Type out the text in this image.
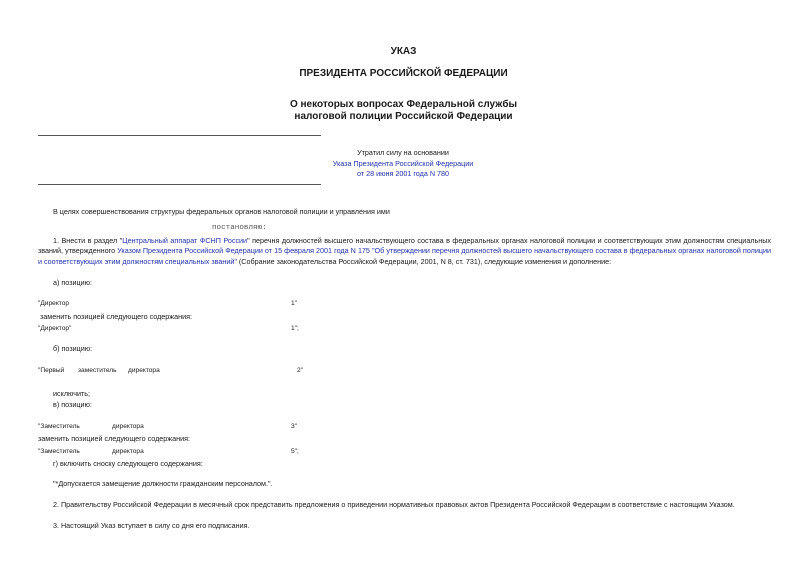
УКАЗ
ПРЕЗИДЕНТА РОССИЙСКОЙ ФЕДЕРАЦИИ
О некоторых вопросах Федеральной службы
налоговой полиции Российской Федерации
Утратил силу на основании
Указа Президента Российской Федерации
от 28 июня 2001 года N 780
В целях совершенствования структуры федеральных органов налоговой полиции и управления ими
постановляю:
1. Внести в раздел "Центральный аппарат ФСНП России" перечня должностей высшего начальствующего состава в федеральных органах налоговой полиции и соответствующих этим должностям специальных званий, утвержденного Указом Президента Российской Федерации от 15 февраля 2001 года N 175 "Об утверждении перечня должностей высшего начальствующего состава в федеральных органах налоговой полиции и соответствующих этим должностям специальных званий" (Собрание законодательства Российской Федерации, 2001, N 8, ст. 731), следующие изменения и дополнение:
а) позицию:
"Директор	1"
заменить позицией следующего содержания:
"Директор"	1";
б) позицию:
"Первый заместитель директора	2"
исключить;
в) позицию:
"Заместитель	директора	3"
заменить позицией следующего содержания:
"Заместитель	директора	5";
г) включить сноску следующего содержания:
"*Допускается замещение должности гражданским персоналом.".
2. Правительству Российской Федерации в месячный срок представить предложения о приведении нормативных правовых актов Президента Российской Федерации в соответствие с настоящим Указом.
3. Настоящий Указ вступает в силу со дня его подписания.
